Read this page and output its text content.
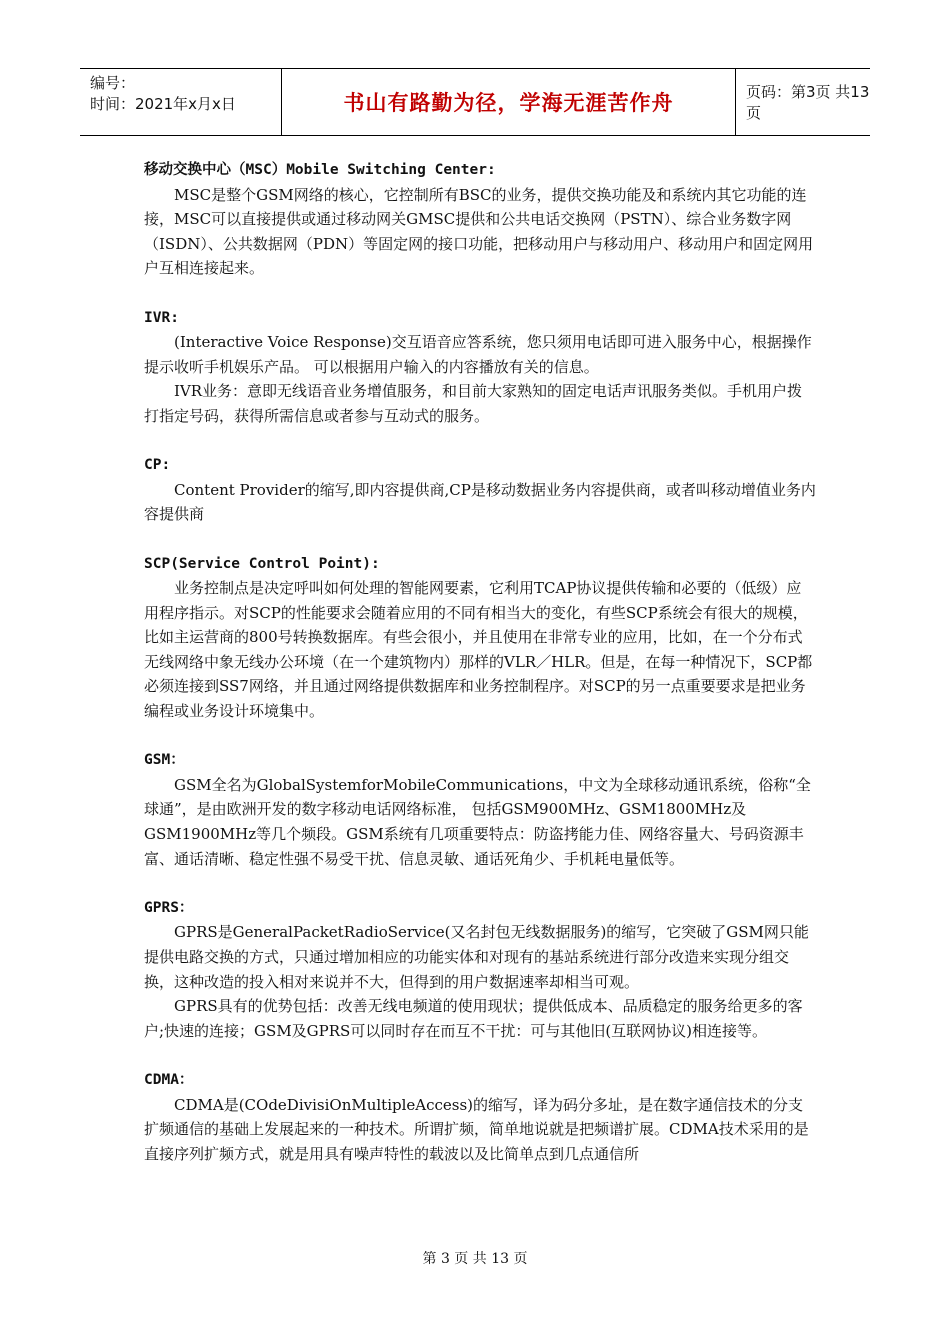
编号：
时间：2021年x月x日	书山有路勤为径，学海无涯苦作舟	页码：第3页 共13页
移动交换中心（MSC）Mobile Switching Center:
MSC是整个GSM网络的核心，它控制所有BSC的业务，提供交换功能及和系统内其它功能的连接，MSC可以直接提供或通过移动网关GMSC提供和公共电话交换网（PSTN）、综合业务数字网（ISDN）、公共数据网（PDN）等固定网的接口功能，把移动用户与移动用户、移动用户和固定网用户互相连接起来。
IVR:
(Interactive Voice Response)交互语音应答系统，您只须用电话即可进入服务中心，根据操作提示收听手机娱乐产品。 可以根据用户输入的内容播放有关的信息。
IVR业务：意即无线语音业务增值服务，和目前大家熟知的固定电话声讯服务类似。手机用户拨打指定号码，获得所需信息或者参与互动式的服务。
CP:
Content Provider的缩写,即内容提供商,CP是移动数据业务内容提供商，或者叫移动增值业务内容提供商
SCP(Service Control Point):
业务控制点是决定呼叫如何处理的智能网要素，它利用TCAP协议提供传输和必要的（低级）应用程序指示。对SCP的性能要求会随着应用的不同有相当大的变化，有些SCP系统会有很大的规模，比如主运营商的800号转换数据库。有些会很小，并且使用在非常专业的应用，比如，在一个分布式无线网络中象无线办公环境（在一个建筑物内）那样的VLR／HLR。但是，在每一种情况下，SCP都必须连接到SS7网络，并且通过网络提供数据库和业务控制程序。对SCP的另一点重要要求是把业务编程或业务设计环境集中。
GSM：
GSM全名为GlobalSystemforMobileCommunications，中文为全球移动通讯系统，俗称“全球通”，是由欧洲开发的数字移动电话网络标准， 包括GSM900MHz、GSM1800MHz及GSM1900MHz等几个频段。GSM系统有几项重要特点：防盗拷能力佳、网络容量大、号码资源丰富、通话清晰、稳定性强不易受干扰、信息灵敏、通话死角少、手机耗电量低等。
GPRS：
GPRS是GeneralPacketRadioService(又名封包无线数据服务)的缩写，它突破了GSM网只能提供电路交换的方式，只通过增加相应的功能实体和对现有的基站系统进行部分改造来实现分组交换，这种改造的投入相对来说并不大，但得到的用户数据速率却相当可观。
GPRS具有的优势包括：改善无线电频道的使用现状；提供低成本、品质稳定的服务给更多的客户;快速的连接；GSM及GPRS可以同时存在而互不干扰：可与其他旧(互联网协议)相连接等。
CDMA：
CDMA是(COdeDivisiOnMultipleAccess)的缩写，译为码分多址，是在数字通信技术的分支扩频通信的基础上发展起来的一种技术。所谓扩频，简单地说就是把频谱扩展。CDMA技术采用的是直接序列扩频方式，就是用具有噪声特性的载波以及比简单点到几点通信所
第 3 页 共 13 页
